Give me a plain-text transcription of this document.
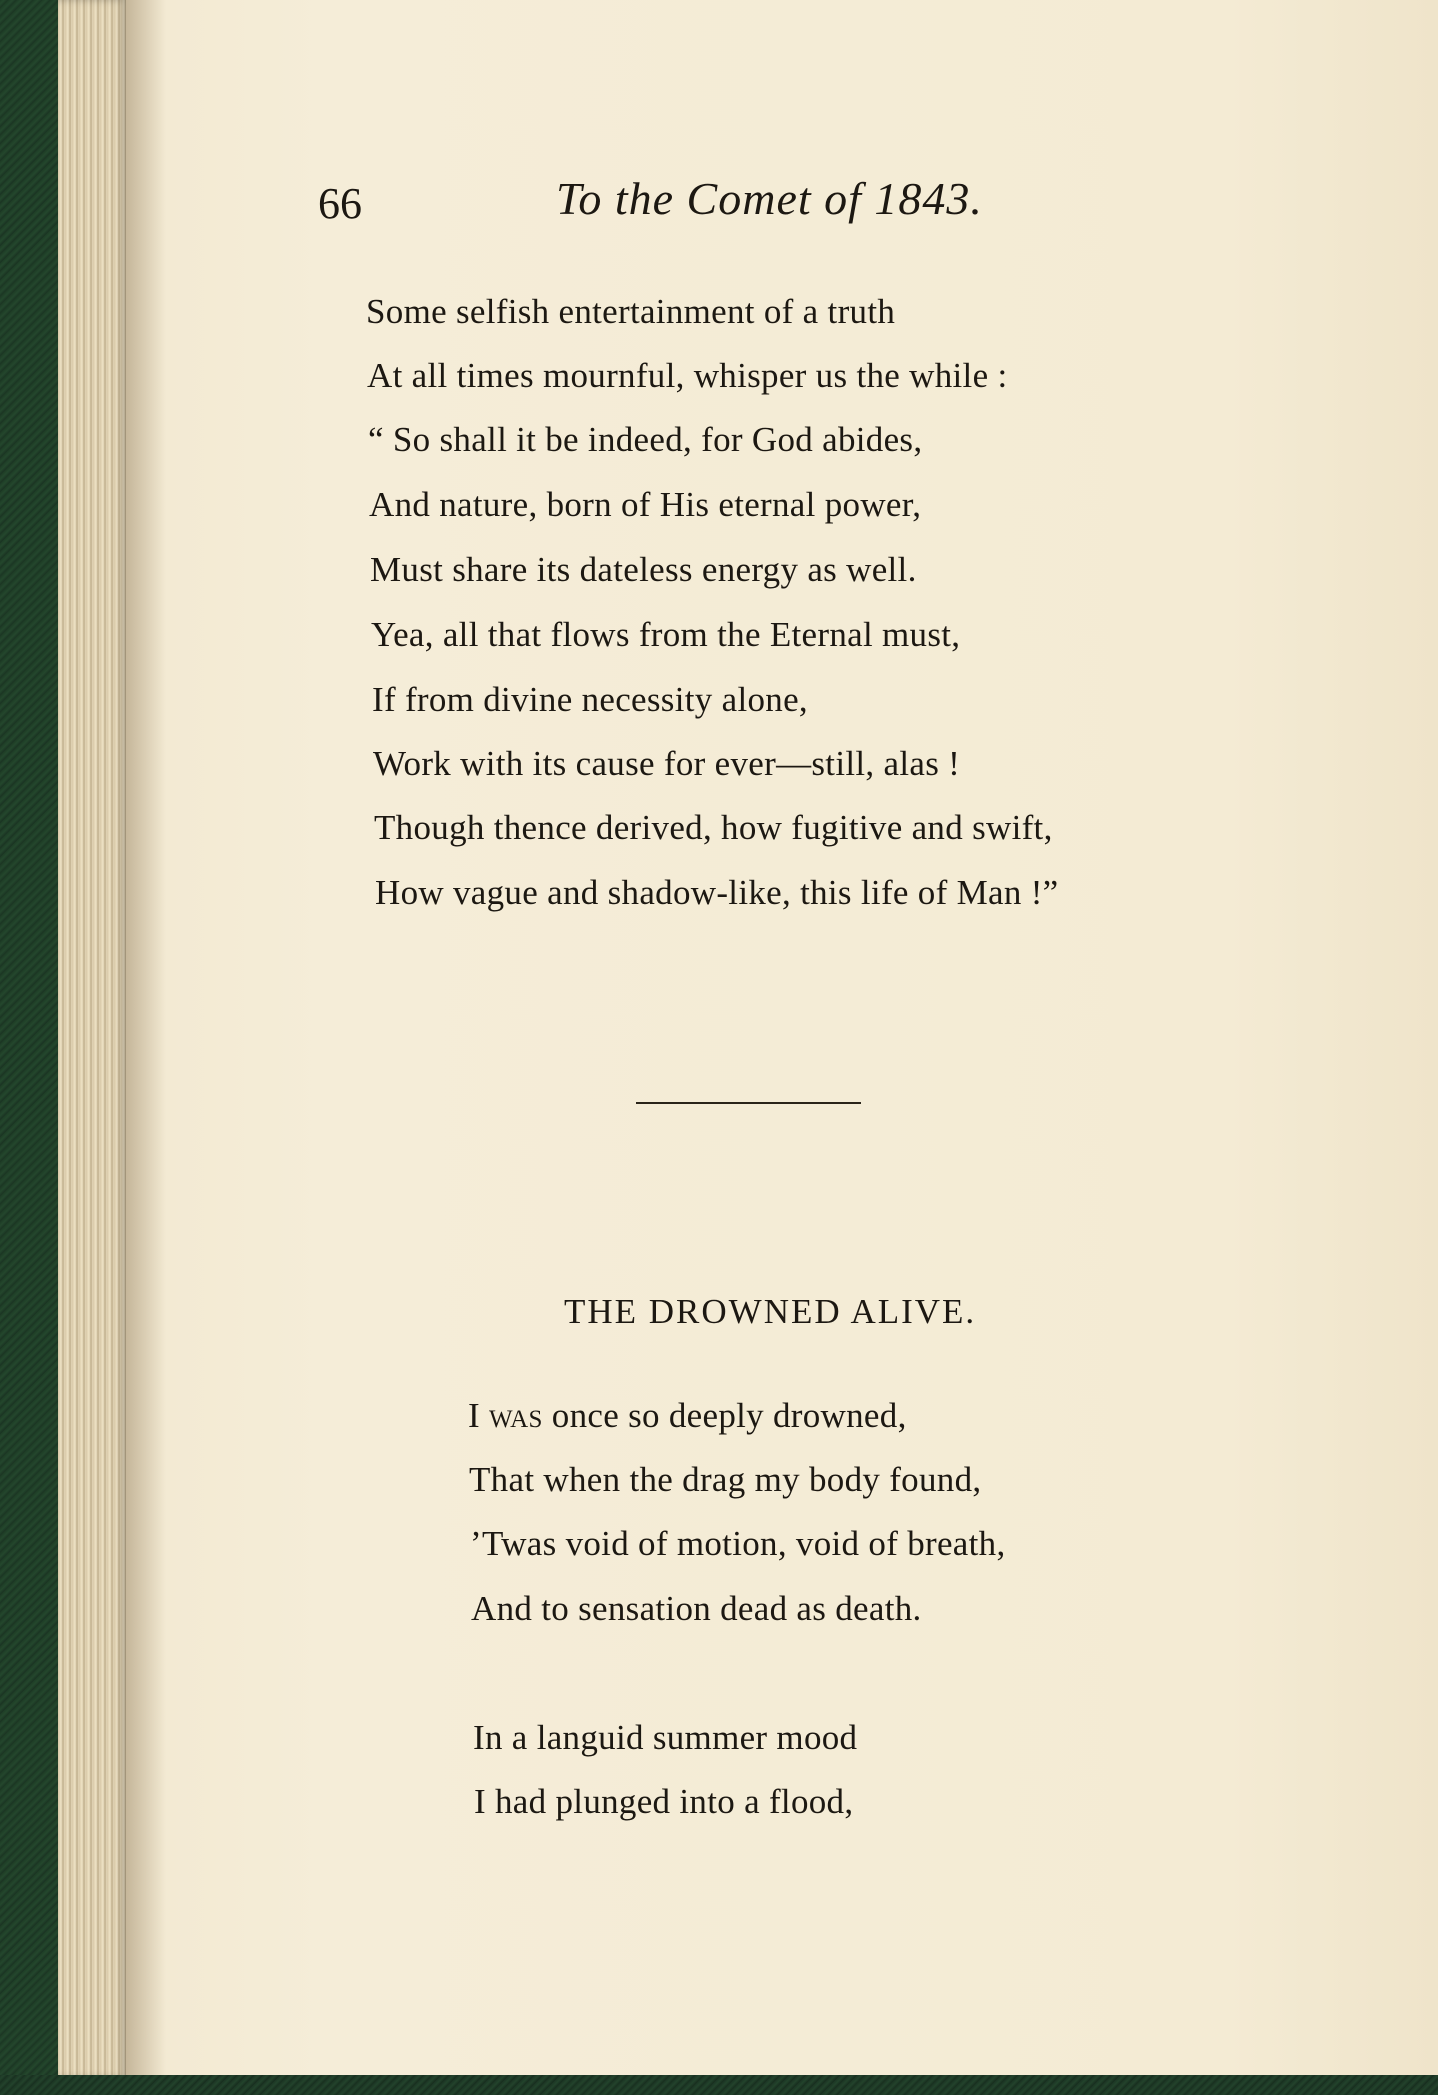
66	To the Comet of 1843.
Some selfish entertainment of a truth
At all times mournful, whisper us the while :
“ So shall it be indeed, for God abides,
And nature, born of His eternal power,
Must share its dateless energy as well.
Yea, all that flows from the Eternal must,
If from divine necessity alone,
Work with its cause for ever—still, alas !
Though thence derived, how fugitive and swift,
How vague and shadow-like, this life of Man !”
THE DROWNED ALIVE.
I was once so deeply drowned,
That when the drag my body found,
’Twas void of motion, void of breath,
And to sensation dead as death.
In a languid summer mood
I had plunged into a flood,
